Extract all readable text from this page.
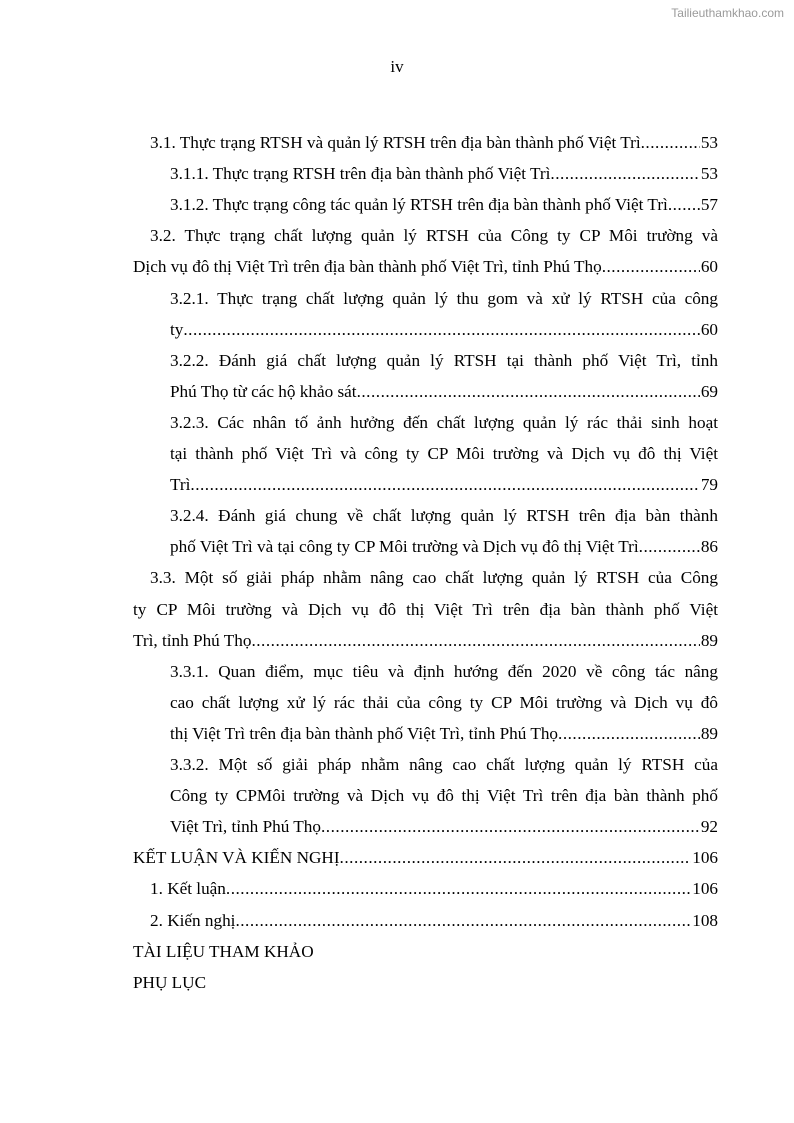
Tailieuthamkhao.com
iv
3.1. Thực trạng RTSH và quản lý RTSH trên địa bàn thành phố Việt Trì .....	53
3.1.1. Thực trạng RTSH trên địa bàn thành phố Việt Trì .....	53
3.1.2. Thực trạng công tác quản lý RTSH trên địa bàn thành phố Việt Trì ..... 57
3.2. Thực trạng chất lượng quản lý RTSH của Công ty CP Môi trường và
Dịch vụ đô thị Việt Trì trên địa bàn thành phố Việt Trì, tỉnh Phú Thọ .....	60
3.2.1. Thực trạng chất lượng quản lý thu gom và xử lý RTSH của công
ty .....	60
3.2.2. Đánh giá chất lượng quản lý RTSH tại thành phố Việt Trì, tỉnh
Phú Thọ từ các hộ khảo sát .....	69
3.2.3. Các nhân tố ảnh hưởng đến chất lượng quản lý rác thải sinh hoạt
tại thành phố Việt Trì và công ty CP Môi trường và Dịch vụ đô thị Việt
Trì .....	79
3.2.4. Đánh giá chung về chất lượng quản lý RTSH trên địa bàn thành
phố Việt Trì và tại công ty CP Môi trường và Dịch vụ đô thị Việt Trì .....	86
3.3. Một số giải pháp nhằm nâng cao chất lượng quản lý RTSH của Công
ty CP Môi trường và Dịch vụ đô thị Việt Trì trên địa bàn thành phố Việt
Trì, tỉnh Phú Thọ .....	89
3.3.1. Quan điểm, mục tiêu và định hướng đến 2020 về công tác nâng
cao chất lượng xử lý rác thải của công ty CP Môi trường và Dịch vụ đô
thị Việt Trì trên địa bàn thành phố Việt Trì, tỉnh Phú Thọ .....	89
3.3.2. Một số giải pháp nhằm nâng cao chất lượng quản lý RTSH của
Công ty CPMôi trường và Dịch vụ đô thị Việt Trì trên địa bàn thành phố
Việt Trì, tỉnh Phú Thọ .....	92
KẾT LUẬN VÀ KIẾN NGHỊ .....	106
1. Kết luận .....	106
2. Kiến nghị .....	108
TÀI LIỆU THAM KHẢO
PHỤ LỤC
